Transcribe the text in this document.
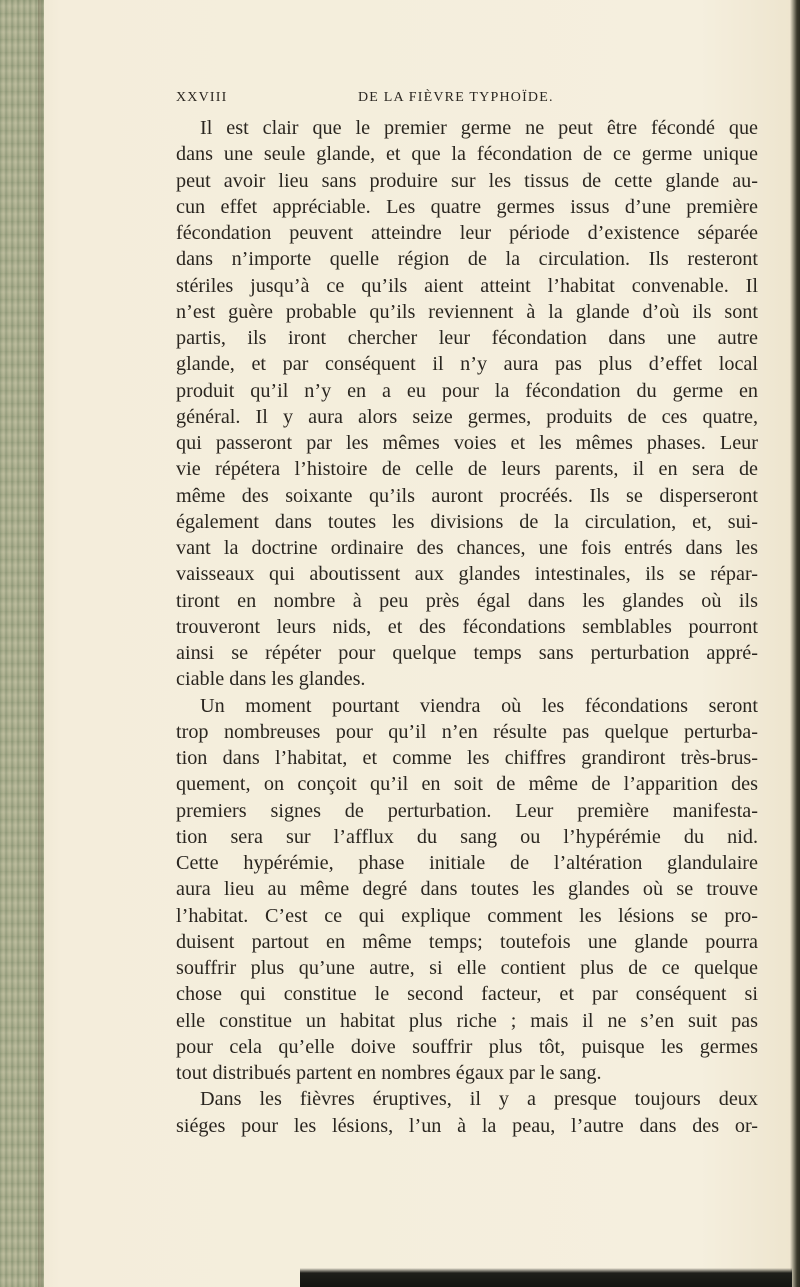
XXVIII	DE LA FIÈVRE TYPHOÏDE.
Il est clair que le premier germe ne peut être fécondé que
dans une seule glande, et que la fécondation de ce germe unique
peut avoir lieu sans produire sur les tissus de cette glande au-
cun effet appréciable. Les quatre germes issus d’une première
fécondation peuvent atteindre leur période d’existence séparée
dans n’importe quelle région de la circulation. Ils resteront
stériles jusqu’à ce qu’ils aient atteint l’habitat convenable. Il
n’est guère probable qu’ils reviennent à la glande d’où ils sont
partis, ils iront chercher leur fécondation dans une autre
glande, et par conséquent il n’y aura pas plus d’effet local
produit qu’il n’y en a eu pour la fécondation du germe en
général. Il y aura alors seize germes, produits de ces quatre,
qui passeront par les mêmes voies et les mêmes phases. Leur
vie répétera l’histoire de celle de leurs parents, il en sera de
même des soixante qu’ils auront procréés. Ils se disperseront
également dans toutes les divisions de la circulation, et, sui-
vant la doctrine ordinaire des chances, une fois entrés dans les
vaisseaux qui aboutissent aux glandes intestinales, ils se répar-
tiront en nombre à peu près égal dans les glandes où ils
trouveront leurs nids, et des fécondations semblables pourront
ainsi se répéter pour quelque temps sans perturbation appré-
ciable dans les glandes.
Un moment pourtant viendra où les fécondations seront
trop nombreuses pour qu’il n’en résulte pas quelque perturba-
tion dans l’habitat, et comme les chiffres grandiront très-brus-
quement, on conçoit qu’il en soit de même de l’apparition des
premiers signes de perturbation. Leur première manifesta-
tion sera sur l’afflux du sang ou l’hypérémie du nid.
Cette hypérémie, phase initiale de l’altération glandulaire
aura lieu au même degré dans toutes les glandes où se trouve
l’habitat. C’est ce qui explique comment les lésions se pro-
duisent partout en même temps; toutefois une glande pourra
souffrir plus qu’une autre, si elle contient plus de ce quelque
chose qui constitue le second facteur, et par conséquent si
elle constitue un habitat plus riche ; mais il ne s’en suit pas
pour cela qu’elle doive souffrir plus tôt, puisque les germes
tout distribués partent en nombres égaux par le sang.
Dans les fièvres éruptives, il y a presque toujours deux
siéges pour les lésions, l’un à la peau, l’autre dans des or-
